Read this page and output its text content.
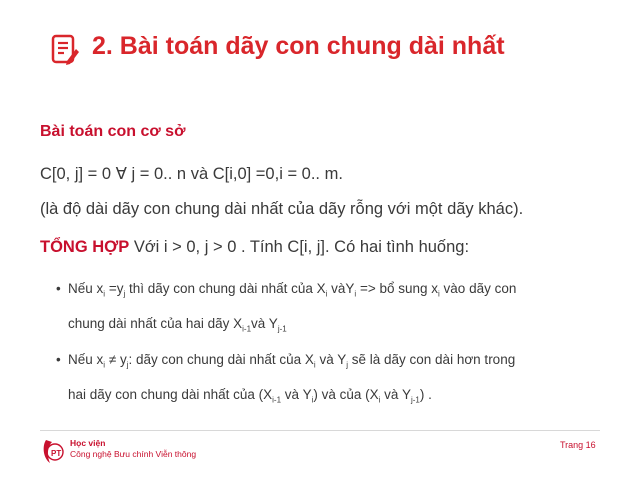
2. Bài toán dãy con chung dài nhất
Bài toán con cơ sở
C[0, j] = 0 ∀ j = 0.. n và C[i,0] =0,i = 0.. m.
(là độ dài dãy con chung dài nhất của dãy rỗng với một dãy khác).
TỔNG HỢP Với i > 0, j > 0 . Tính C[i, j]. Có hai tình huống:
• Nếu $x_i =y_j$ thì dãy con chung dài nhất của $X_i$ vàY$_i$ => bổ sung $x_i$ vào dãy con
chung dài nhất của hai dãy $X_{i-1}và$ $Y_{j-1}$
• Nếu $x_i \ne y_j$: dãy con chung dài nhất của $X_i$ và $Y_j$ sẽ là dãy con dài hơn trong
hai dãy con chung dài nhất của ($X_{i-1}$ và $Y_i$) và của ($X_i$ và $Y_{j-1}$) .
PT
Học viện
Công nghệ Bưu chính Viễn thông
Trang 16
